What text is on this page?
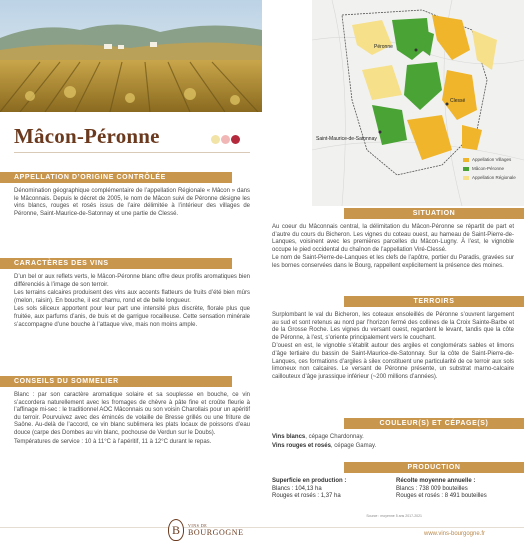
Mâcon-Péronne
APPELLATION D’ORIGINE CONTRÔLÉE

Dénomination géographique complémentaire de l’appellation Régionale « Mâcon » dans le Mâconnais. Depuis le décret de 2005, le nom de Mâcon suivi de Péronne désigne les vins blancs, rouges et rosés issus de l’aire délimitée à l’intérieur des villages de Péronne, Saint-Maurice-de-Satonnay et une partie de Clessé.

CARACTÈRES DES VINS

D’un bel or aux reflets verts, le Mâcon-Péronne blanc offre deux profils aromatiques bien différenciés à l’image de son terroir.

Les terrains calcaires produisent des vins aux accents flatteurs de fruits d’été bien mûrs (melon, raisin). En bouche, il est charnu, rond et de belle longueur.

Les sols siliceux apportent pour leur part une intensité plus discrète, florale plus que fruitée, aux parfums d’anis, de buis et de garrigue rocailleuse. Cette sensation minérale s’accompagne d’une bouche à l’attaque vive, mais non moins ample.

CONSEILS DU SOMMELIER

Blanc : par son caractère aromatique solaire et sa souplesse en bouche, ce vin s’accordera naturellement avec les fromages de chèvre à pâte fine et croûte fleurie à l’affinage mi-sec : le traditionnel AOC Mâconnais ou son voisin Charollais pour un apéritif du terroir. Pourvuivez avec des émincés de volaille de Bresse grillés ou une friture de Saône. Au-delà de l’accord, ce vin blanc sublimera les plats locaux de poissons d’eau douce (carpe des Dombes au vin blanc, pochouse de Verdun sur le Doubs).

Températures de service : 10 à 11°C à l’apéritif, 11 à 12°C durant le repas.

Péronne
Clessé
Saint-Maurice-de-Satonnay
Appellation Villages
Mâcon-Péronne
Appellation Régionale
SITUATION

Au coeur du Mâconnais central, la délimitation du Mâcon-Péronne se répartit de part et d’autre du cours du Bicheron. Les vignes du coteau ouest, au hameau de Saint-Pierre-de-Lanques, voisinent avec les premières parcelles du Mâcon-Lugny. À l’est, le vignoble occupe le pied occidental du chaînon de l’appellation Viré-Clessé.

Le nom de Saint-Pierre-de-Lanques et les clefs de l’apôtre, portier du Paradis, gravées sur les bornes conservées dans le Bourg, rappellent explicitement la présence des moines.

TERROIRS

Surplombant le val du Bicheron, les coteaux ensoleillés de Péronne s’ouvrent largement au sud et sont retenus au nord par l’horizon fermé des collines de la Croix Sainte-Barbe et de la Grosse Roche. Les vignes du versant ouest, regardent le levant, tandis que la côte de Péronne, à l’est, s’oriente principalement vers le couchant.

D’ouest en est, le vignoble s’établit autour des argiles et conglomérats sables et limons d’âge tertiaire du bassin de Saint-Maurice-de-Satonnay. Sur la côte de Saint-Pierre-de-Lanques, ces formations d’argiles à silex constituent une particularité de ce terroir aux sols limoneux non calcaires. Le versant de Péronne présente, un substrat marno-calcaire caillouteux d’âge jurassique inférieur (~200 millions d’années).

COULEUR(S) ET CÉPAGE(S)

Vins blancs, cépage Chardonnay.

Vins rouges et rosés, cépage Gamay.

PRODUCTION
Superficie en production :
Blancs : 104,13 ha
Rouges et rosés : 1,37 ha
Récolte moyenne annuelle :
Blancs : 738 009 bouteilles
Rouges et rosés : 8 491 bouteilles
Source : moyenne 5 ans 2017-2021
B	VINS DE
BOURGOGNE	www.vins-bourgogne.fr
